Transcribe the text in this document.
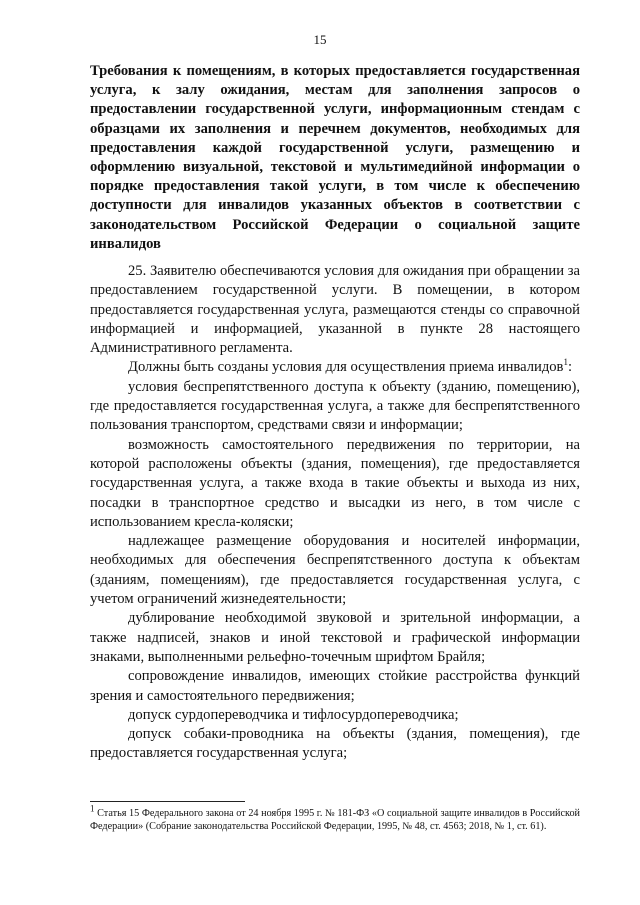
15

Требования к помещениям, в которых предоставляется государственная услуга, к залу ожидания, местам для заполнения запросов о предоставлении государственной услуги, информационным стендам с образцами их заполнения и перечнем документов, необходимых для предоставления каждой государственной услуги, размещению и оформлению визуальной, текстовой и мультимедийной информации о порядке предоставления такой услуги, в том числе к обеспечению доступности для инвалидов указанных объектов в соответствии с законодательством Российской Федерации о социальной защите инвалидов

25. Заявителю обеспечиваются условия для ожидания при обращении за предоставлением государственной услуги. В помещении, в котором предоставляется государственная услуга, размещаются стенды со справочной информацией и информацией, указанной в пункте 28 настоящего Административного регламента.

Должны быть созданы условия для осуществления приема инвалидов$^1$:

условия беспрепятственного доступа к объекту (зданию, помещению), где предоставляется государственная услуга, а также для беспрепятственного пользования транспортом, средствами связи и информации;

возможность самостоятельного передвижения по территории, на которой расположены объекты (здания, помещения), где предоставляется государственная услуга, а также входа в такие объекты и выхода из них, посадки в транспортное средство и высадки из него, в том числе с использованием кресла-коляски;

надлежащее размещение оборудования и носителей информации, необходимых для обеспечения беспрепятственного доступа к объектам (зданиям, помещениям), где предоставляется государственная услуга, с учетом ограничений жизнедеятельности;

дублирование необходимой звуковой и зрительной информации, а также надписей, знаков и иной текстовой и графической информации знаками, выполненными рельефно-точечным шрифтом Брайля;

сопровождение инвалидов, имеющих стойкие расстройства функций зрения и самостоятельного передвижения;

допуск сурдопереводчика и тифлосурдопереводчика;

допуск собаки-проводника на объекты (здания, помещения), где предоставляется государственная услуга;

$^1$ Статья 15 Федерального закона от 24 ноября 1995 г. № 181-ФЗ «О социальной защите инвалидов в Российской Федерации» (Собрание законодательства Российской Федерации, 1995, № 48, ст. 4563; 2018, № 1, ст. 61).
